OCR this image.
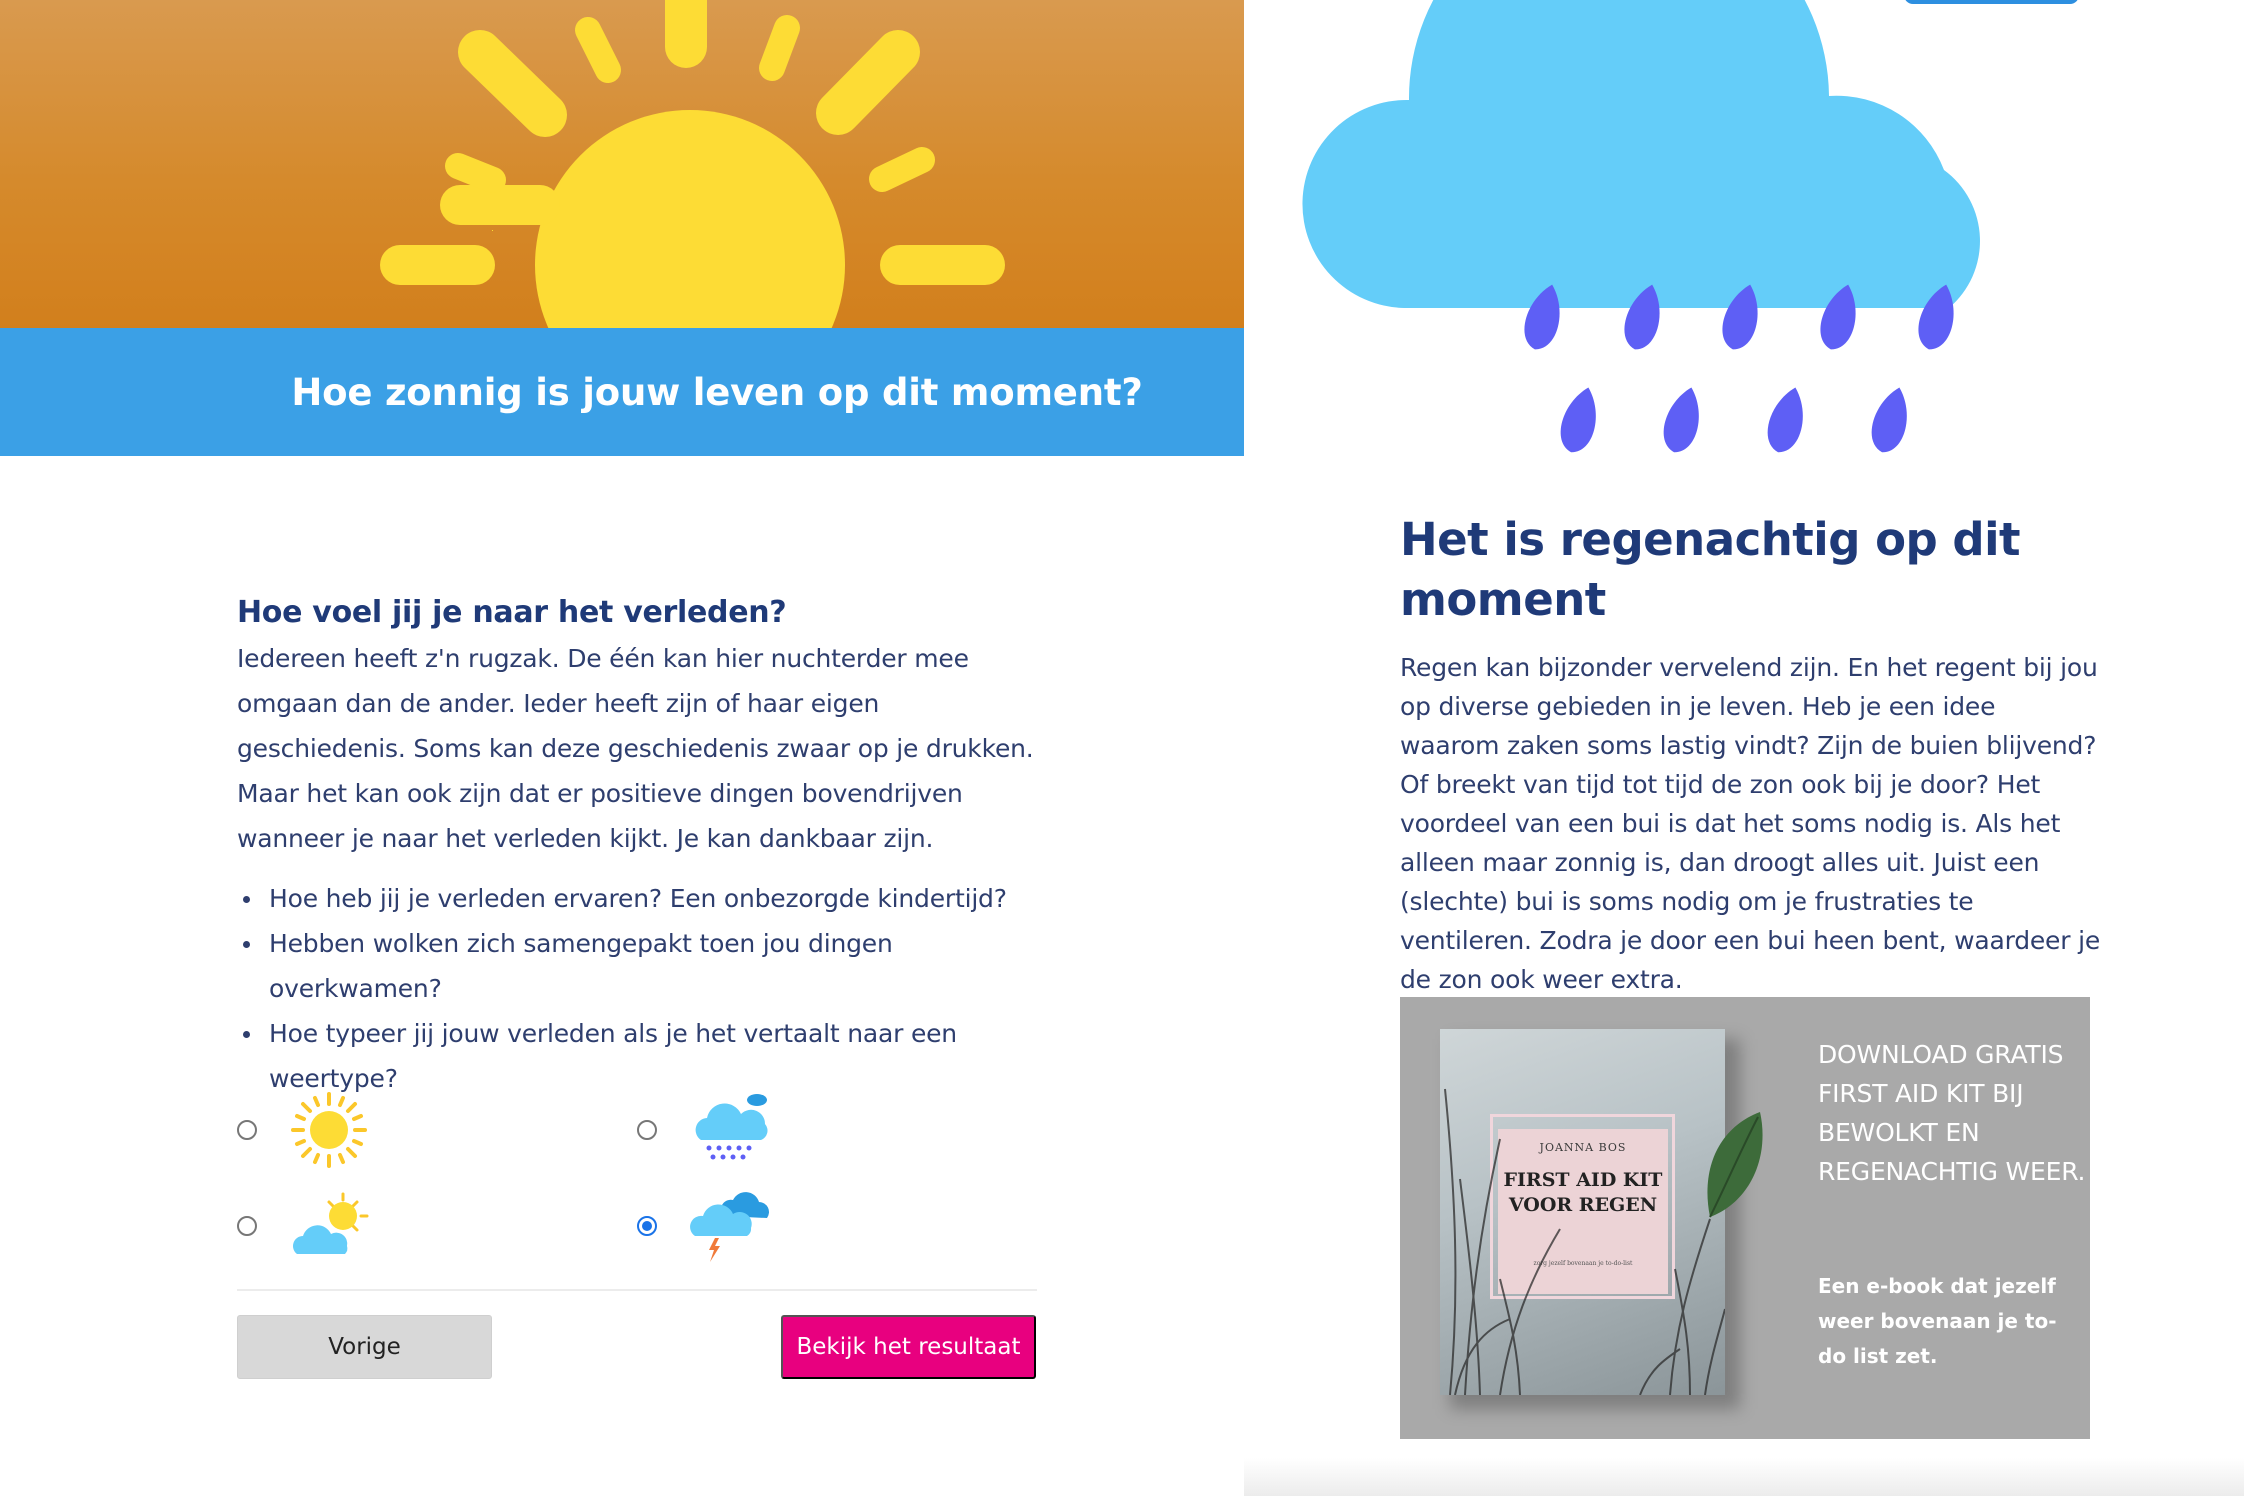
Hoe zonnig is jouw leven op dit moment?
Hoe voel jij je naar het verleden?

Iedereen heeft z'n rugzak. De één kan hier nuchterder mee omgaan dan de ander. Ieder heeft zijn of haar eigen geschiedenis. Soms kan deze geschiedenis zwaar op je drukken. Maar het kan ook zijn dat er positieve dingen bovendrijven wanneer je naar het verleden kijkt. Je kan dankbaar zijn.

Hoe heb jij je verleden ervaren? Een onbezorgde kindertijd?
Hebben wolken zich samengepakt toen jou dingen overkwamen?
Hoe typeer jij jouw verleden als je het vertaalt naar een weertype?
Vorige	Bekijk het resultaat
Het is regenachtig op dit moment

Regen kan bijzonder vervelend zijn. En het regent bij jou op diverse gebieden in je leven. Heb je een idee waarom zaken soms lastig vindt? Zijn de buien blijvend? Of breekt van tijd tot tijd de zon ook bij je door? Het voordeel van een bui is dat het soms nodig is. Als het alleen maar zonnig is, dan droogt alles uit. Juist een (slechte) bui is soms nodig om je frustraties te ventileren. Zodra je door een bui heen bent, waardeer je de zon ook weer extra.

JOANNA BOS
FIRST AID KIT VOOR REGEN
zorg jezelf bovenaan je to-do-list
DOWNLOAD GRATIS FIRST AID KIT BIJ BEWOLKT EN REGENACHTIG WEER.
Een e-book dat jezelf weer bovenaan je to-do list zet.
